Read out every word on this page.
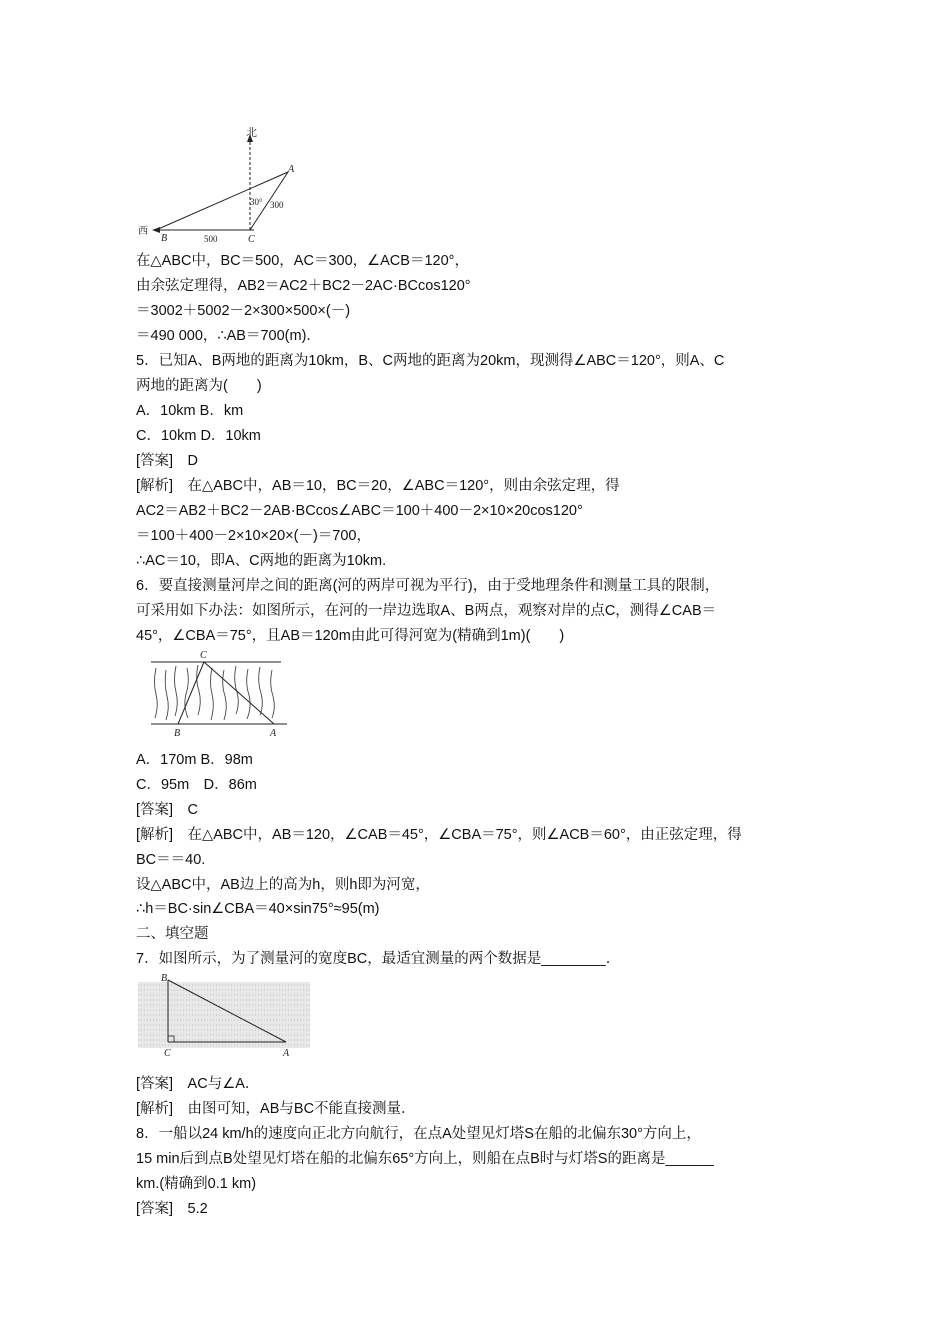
北
西
A
B	C
30° 300
500
C
B	A
B
C	A
在△ABC中，BC＝500，AC＝300，∠ACB＝120°，
由余弦定理得，AB2＝AC2＋BC2－2AC·BCcos120°
＝3002＋5002－2×300×500×(－)
＝490 000，∴AB＝700(m)．
5．已知A、B两地的距离为10km，B、C两地的距离为20km，现测得∠ABC＝120°，则A、C
两地的距离为(　　)
A．10km B．km
C．10km D．10km
[答案]　D
[解析]　在△ABC中，AB＝10，BC＝20，∠ABC＝120°，则由余弦定理，得
AC2＝AB2＋BC2－2AB·BCcos∠ABC＝100＋400－2×10×20cos120°
＝100＋400－2×10×20×(－)＝700，
∴AC＝10，即A、C两地的距离为10km.
6．要直接测量河岸之间的距离(河的两岸可视为平行)，由于受地理条件和测量工具的限制，
可采用如下办法：如图所示，在河的一岸边选取A、B两点，观察对岸的点C，测得∠CAB＝
45°，∠CBA＝75°，且AB＝120m由此可得河宽为(精确到1m)(　　)
A．170m B．98m
C．95m　D．86m
[答案]　C
[解析]　在△ABC中，AB＝120，∠CAB＝45°，∠CBA＝75°，则∠ACB＝60°，由正弦定理，得
BC＝＝40.
设△ABC中，AB边上的高为h，则h即为河宽，
∴h＝BC·sin∠CBA＝40×sin75°≈95(m)
二、填空题
7．如图所示，为了测量河的宽度BC，最适宜测量的两个数据是________．
[答案]　AC与∠A．
[解析]　由图可知，AB与BC不能直接测量．
8．一船以24 km/h的速度向正北方向航行，在点A处望见灯塔S在船的北偏东30°方向上，
15 min后到点B处望见灯塔在船的北偏东65°方向上，则船在点B时与灯塔S的距离是______
km.(精确到0.1 km)
[答案]　5.2
